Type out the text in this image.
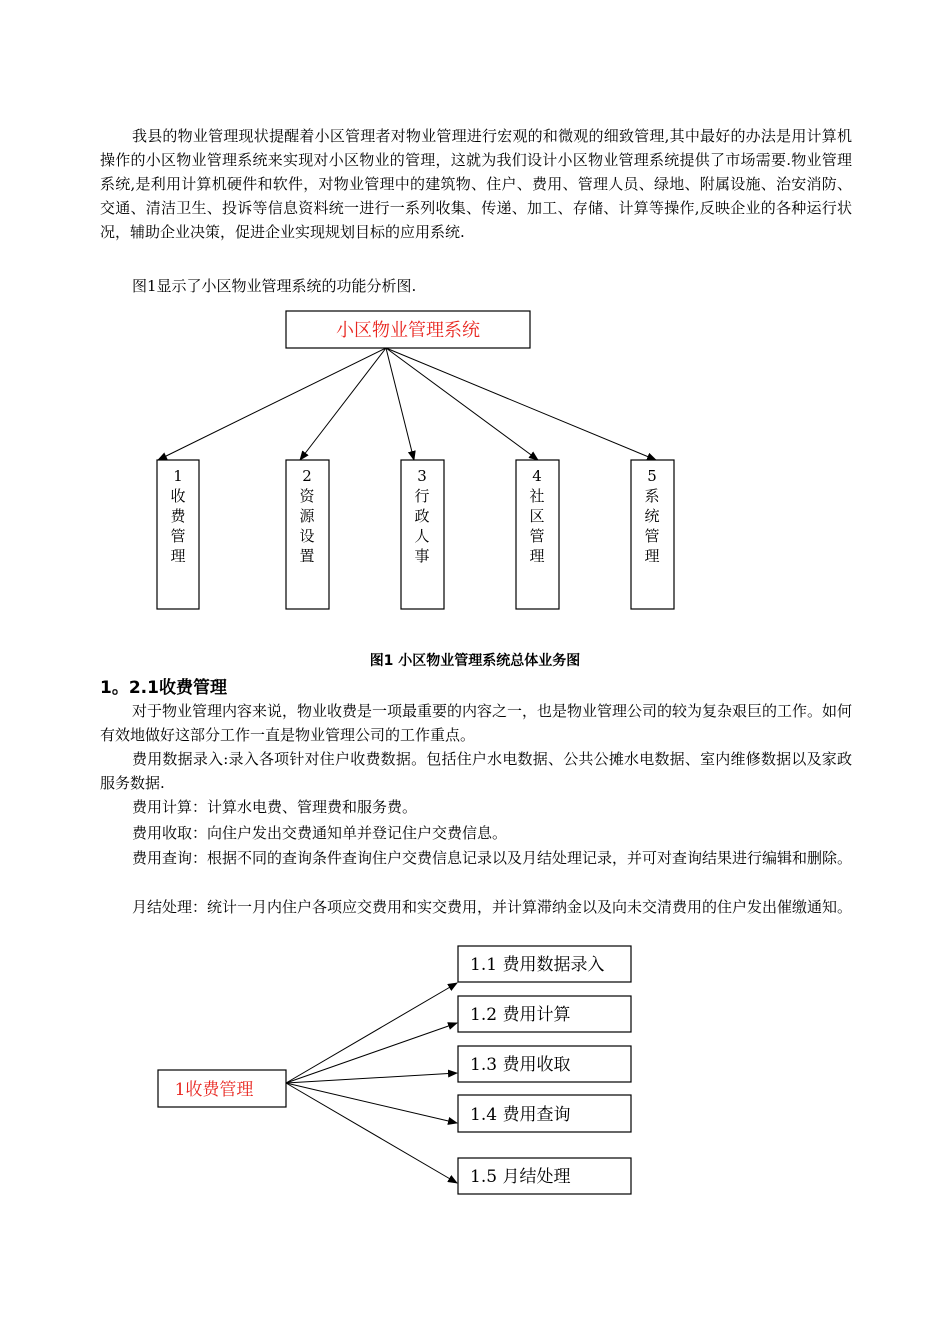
我县的物业管理现状提醒着小区管理者对物业管理进行宏观的和微观的细致管理,其中最好的办法是用计算机操作的小区物业管理系统来实现对小区物业的管理，这就为我们设计小区物业管理系统提供了市场需要.物业管理系统,是利用计算机硬件和软件，对物业管理中的建筑物、住户、费用、管理人员、绿地、附属设施、治安消防、交通、清洁卫生、投诉等信息资料统一进行一系列收集、传递、加工、存储、计算等操作,反映企业的各种运行状况，辅助企业决策，促进企业实现规划目标的应用系统.

图1显示了小区物业管理系统的功能分析图.

小区物业管理系统
1
收
费
管
理
2
资
源
设
置
3
行
政
人
事
4
社
区
管
理
5
系
统
管
理
图1 小区物业管理系统总体业务图
1。2.1收费管理

对于物业管理内容来说，物业收费是一项最重要的内容之一，也是物业管理公司的较为复杂艰巨的工作。如何有效地做好这部分工作一直是物业管理公司的工作重点。

费用数据录入:录入各项针对住户收费数据。包括住户水电数据、公共公摊水电数据、室内维修数据以及家政服务数据.

费用计算：计算水电费、管理费和服务费。

费用收取：向住户发出交费通知单并登记住户交费信息。

费用查询：根据不同的查询条件查询住户交费信息记录以及月结处理记录，并可对查询结果进行编辑和删除。

月结处理：统计一月内住户各项应交费用和实交费用，并计算滞纳金以及向未交清费用的住户发出催缴通知。

1收费管理
1.1 费用数据录入
1.2 费用计算
1.3 费用收取
1.4 费用查询
1.5 月结处理
